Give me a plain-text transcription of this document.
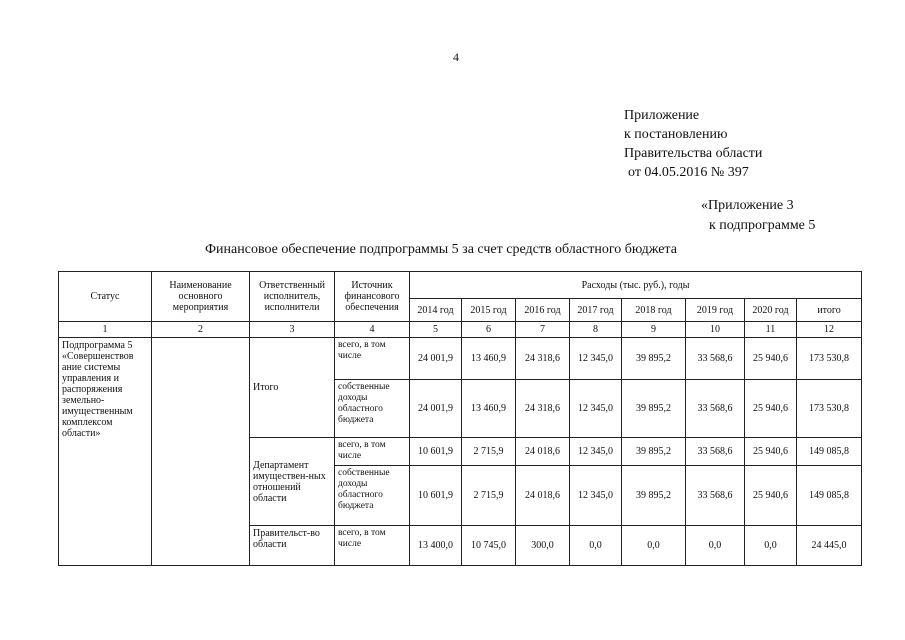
4
Приложение
к постановлению
Правительства области
от 04.05.2016 № 397
«Приложение 3
к подпрограмме 5
Финансовое обеспечение подпрограммы 5 за счет средств областного бюджета
Статус	Наименование основного мероприятия	Ответственный исполнитель, исполнители	Источник финансового обеспечения	Расходы (тыс. руб.), годы							
				2014 год	2015 год	2016 год	2017 год	2018 год	2019 год	2020 год	итого
1	2	3	4	5	6	7	8	9	10	11	12
Подпрограмма 5 «Совершенствов ание системы управления и распоряжения земельно-имущественным комплексом области»		Итого	всего, в том числе	24 001,9	13 460,9	24 318,6	12 345,0	39 895,2	33 568,6	25 940,6	173 530,8
			собственные доходы областного бюджета	24 001,9	13 460,9	24 318,6	12 345,0	39 895,2	33 568,6	25 940,6	173 530,8
		Департамент имуществен-ных отношений области	всего, в том числе	10 601,9	2 715,9	24 018,6	12 345,0	39 895,2	33 568,6	25 940,6	149 085,8
			собственные доходы областного бюджета	10 601,9	2 715,9	24 018,6	12 345,0	39 895,2	33 568,6	25 940,6	149 085,8
		Правительст-во области	всего, в том числе	13 400,0	10 745,0	300,0	0,0	0,0	0,0	0,0	24 445,0
